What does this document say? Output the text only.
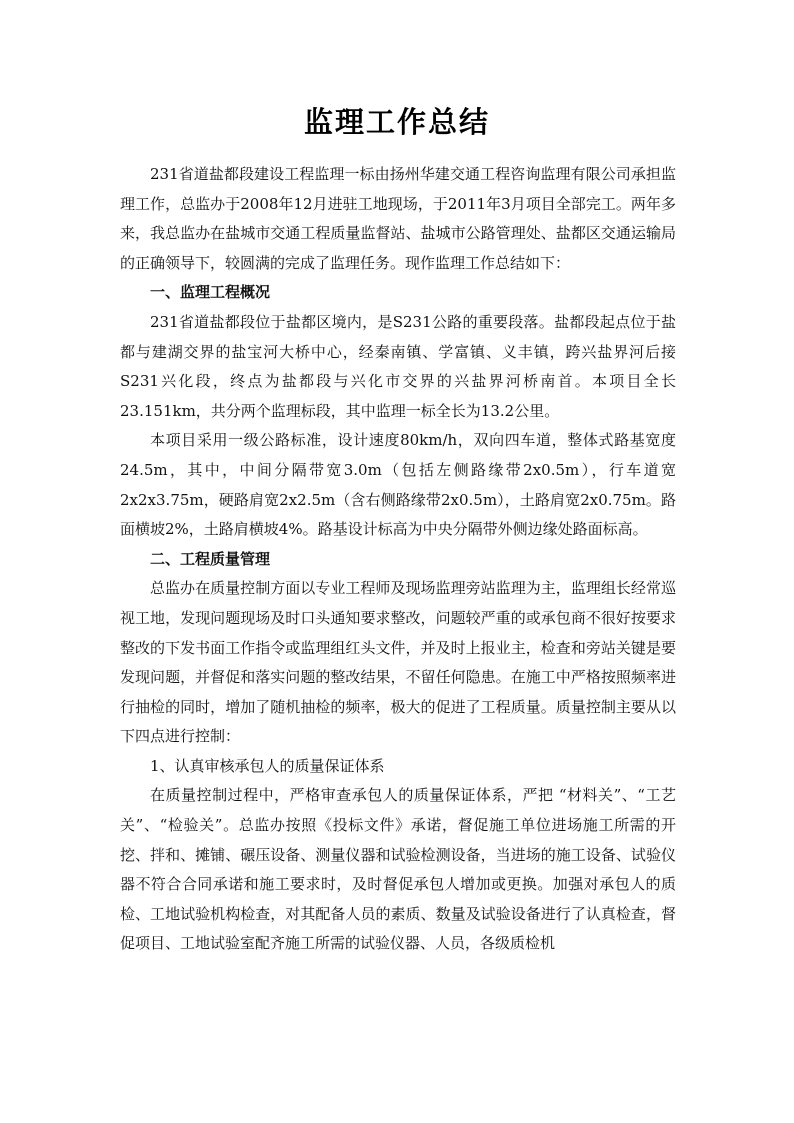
监理工作总结

231省道盐都段建设工程监理一标由扬州华建交通工程咨询监理有限公司承担监理工作，总监办于2008年12月进驻工地现场，于2011年3月项目全部完工。两年多来，我总监办在盐城市交通工程质量监督站、盐城市公路管理处、盐都区交通运输局的正确领导下，较圆满的完成了监理任务。现作监理工作总结如下：

一、监理工程概况

231省道盐都段位于盐都区境内，是S231公路的重要段落。盐都段起点位于盐都与建湖交界的盐宝河大桥中心，经秦南镇、学富镇、义丰镇，跨兴盐界河后接S231兴化段，终点为盐都段与兴化市交界的兴盐界河桥南首。本项目全长23.151km，共分两个监理标段，其中监理一标全长为13.2公里。

本项目采用一级公路标准，设计速度80km/h，双向四车道，整体式路基宽度24.5m，其中，中间分隔带宽3.0m（包括左侧路缘带2x0.5m），行车道宽2x2x3.75m，硬路肩宽2x2.5m（含右侧路缘带2x0.5m），土路肩宽2x0.75m。路面横坡2%，土路肩横坡4%。路基设计标高为中央分隔带外侧边缘处路面标高。

二、工程质量管理

总监办在质量控制方面以专业工程师及现场监理旁站监理为主，监理组长经常巡视工地，发现问题现场及时口头通知要求整改，问题较严重的或承包商不很好按要求整改的下发书面工作指令或监理组红头文件，并及时上报业主，检查和旁站关键是要发现问题，并督促和落实问题的整改结果，不留任何隐患。在施工中严格按照频率进行抽检的同时，增加了随机抽检的频率，极大的促进了工程质量。质量控制主要从以下四点进行控制：

1、认真审核承包人的质量保证体系

在质量控制过程中，严格审查承包人的质量保证体系，严把 “材料关”、“工艺关”、“检验关”。总监办按照《投标文件》承诺，督促施工单位进场施工所需的开挖、拌和、摊铺、碾压设备、测量仪器和试验检测设备，当进场的施工设备、试验仪器不符合合同承诺和施工要求时，及时督促承包人增加或更换。加强对承包人的质检、工地试验机构检查，对其配备人员的素质、数量及试验设备进行了认真检查，督促项目、工地试验室配齐施工所需的试验仪器、人员，各级质检机
